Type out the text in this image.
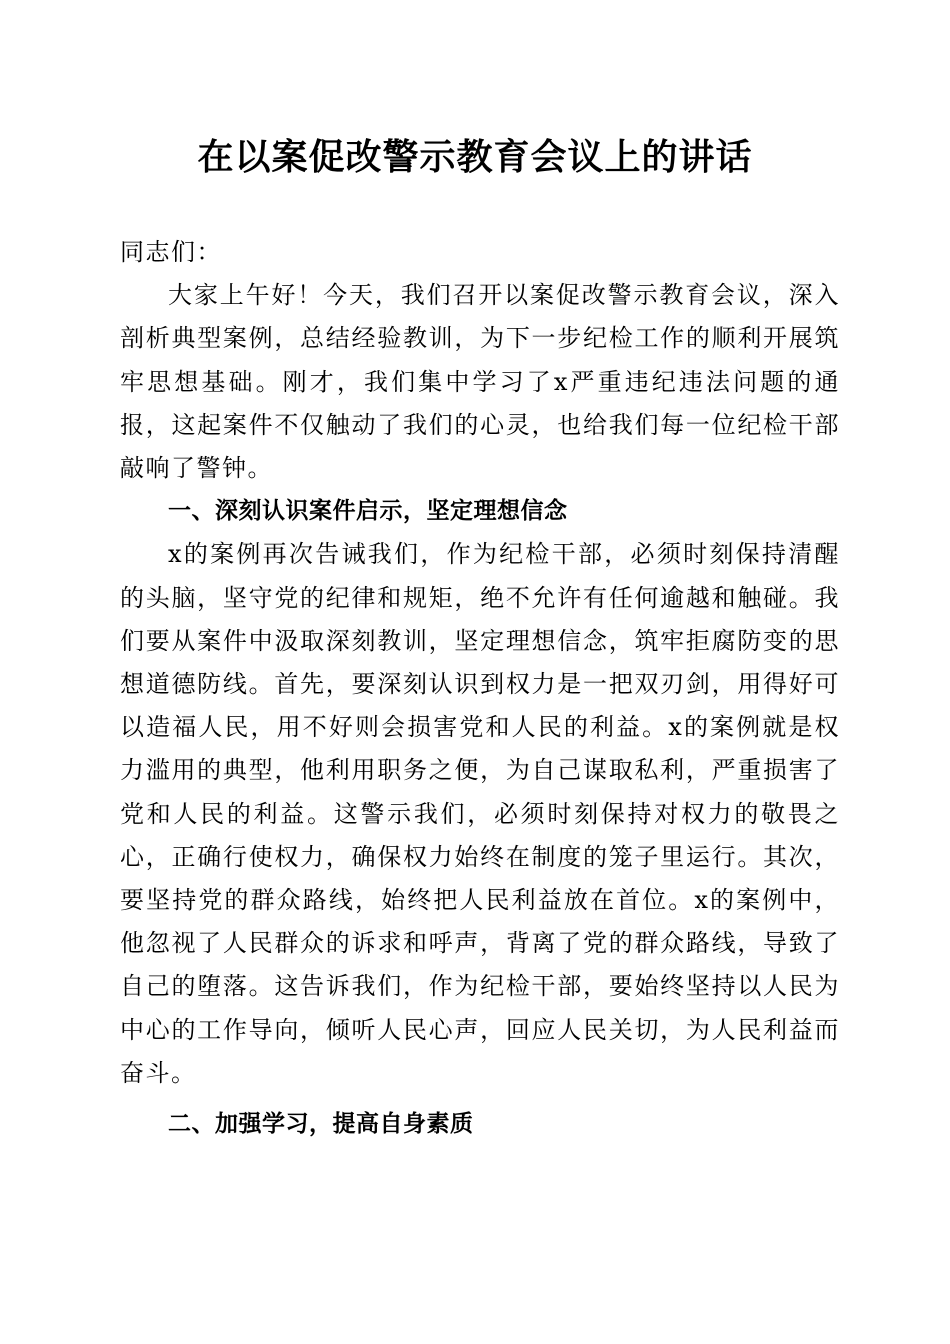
在以案促改警示教育会议上的讲话

同志们：

大家上午好！今天，我们召开以案促改警示教育会议，深入剖析典型案例，总结经验教训，为下一步纪检工作的顺利开展筑牢思想基础。刚才，我们集中学习了x严重违纪违法问题的通报，这起案件不仅触动了我们的心灵，也给我们每一位纪检干部敲响了警钟。

一、深刻认识案件启示，坚定理想信念

x的案例再次告诫我们，作为纪检干部，必须时刻保持清醒的头脑，坚守党的纪律和规矩，绝不允许有任何逾越和触碰。我们要从案件中汲取深刻教训，坚定理想信念，筑牢拒腐防变的思想道德防线。首先，要深刻认识到权力是一把双刃剑，用得好可以造福人民，用不好则会损害党和人民的利益。x的案例就是权力滥用的典型，他利用职务之便，为自己谋取私利，严重损害了党和人民的利益。这警示我们，必须时刻保持对权力的敬畏之心，正确行使权力，确保权力始终在制度的笼子里运行。其次，要坚持党的群众路线，始终把人民利益放在首位。x的案例中，他忽视了人民群众的诉求和呼声，背离了党的群众路线，导致了自己的堕落。这告诉我们，作为纪检干部，要始终坚持以人民为中心的工作导向，倾听人民心声，回应人民关切，为人民利益而奋斗。

二、加强学习，提高自身素质
